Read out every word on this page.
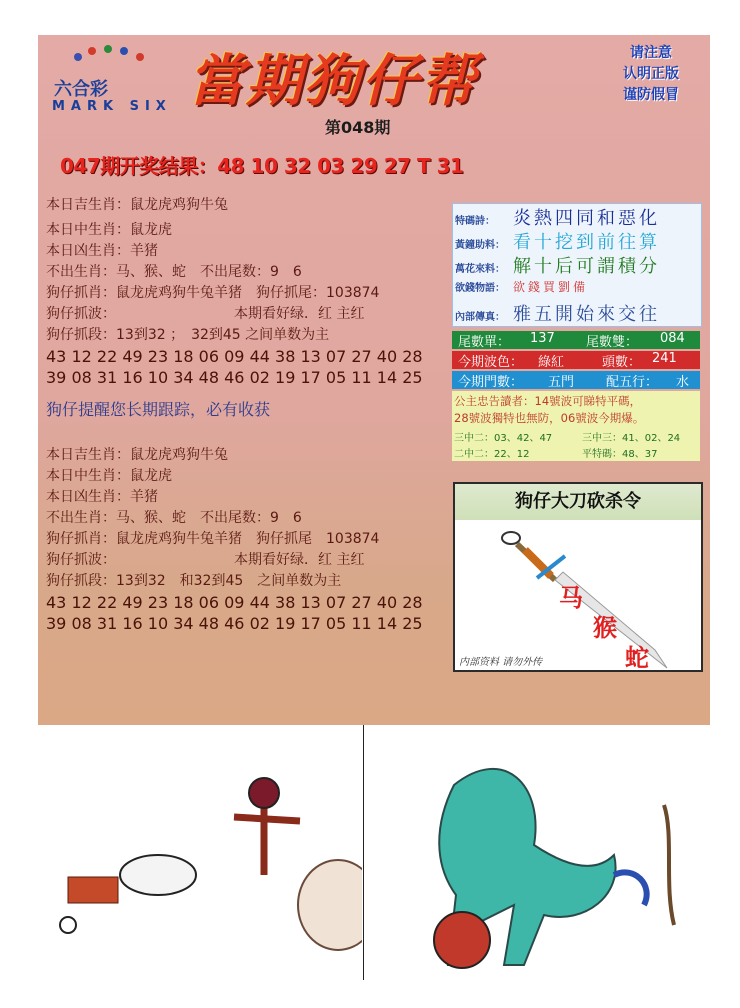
六合彩
MARK SIX 當期狗仔帮	请注意
认明正版
谨防假冒
第048期
047期开奖结果：48 10 32 03 29 27 T 31
本日吉生肖：鼠龙虎鸡狗牛兔
本日中生肖：鼠龙虎
本日凶生肖：羊猪
不出生肖：马、猴、蛇　不出尾数：9　6
狗仔抓肖：鼠龙虎鸡狗牛兔羊猪　狗仔抓尾：103874
狗仔抓波：	本期看好绿．红 主红
狗仔抓段：13到32 ；　32到45 之间单数为主
43 12 22 49 23 18 06 09 44 38 13 07 27 40 28
39 08 31 16 10 34 48 46 02 19 17 05 11 14 25
狗仔提醒您长期跟踪，必有收获
本日吉生肖：鼠龙虎鸡狗牛兔
本日中生肖：鼠龙虎
本日凶生肖：羊猪
不出生肖：马、猴、蛇　不出尾数：9　6
狗仔抓肖：鼠龙虎鸡狗牛兔羊猪　狗仔抓尾　103874
狗仔抓波：	本期看好绿．红 主红
狗仔抓段：13到32　和32到45　之间单数为主
43 12 22 49 23 18 06 09 44 38 13 07 27 40 28
39 08 31 16 10 34 48 46 02 19 17 05 11 14 25
特碼詩： 炎熱四同和惡化
黃鐘助料： 看十挖到前往算
萬花來料： 解十后可謂積分
欲錢物語： 欲錢買劉備
內部傳真： 雅五開始來交往
尾數單： 137 尾數雙： 084
今期波色： 綠紅	頭數： 241
今期門數： 五門 配五行： 水
公主忠告讀者：14號波可睇特平碼，
28號波獨特也無防，06號波今期爆。
三中二：03、42、47	三中三：41、02、24
二中二：22、12	平特碼：48、37
狗仔大刀砍杀令
马
猴
蛇
内部资料 请勿外传
